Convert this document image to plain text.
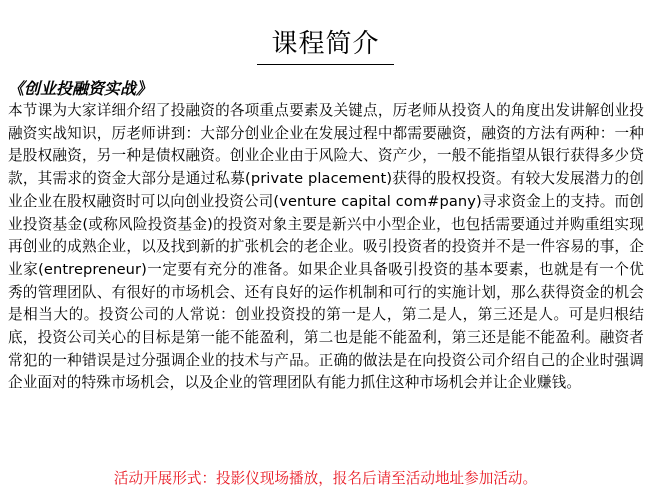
课程简介
《创业投融资实战》

本节课为大家详细介绍了投融资的各项重点要素及关键点，厉老师从投资人的角度出发讲解创业投融资实战知识，厉老师讲到：大部分创业企业在发展过程中都需要融资，融资的方法有两种：一种是股权融资，另一种是债权融资。创业企业由于风险大、资产少，一般不能指望从银行获得多少贷款，其需求的资金大部分是通过私募(private placement)获得的股权投资。有较大发展潜力的创业企业在股权融资时可以向创业投资公司(venture capital com#pany)寻求资金上的支持。而创业投资基金(或称风险投资基金)的投资对象主要是新兴中小型企业，也包括需要通过并购重组实现再创业的成熟企业，以及找到新的扩张机会的老企业。吸引投资者的投资并不是一件容易的事，企业家(entrepreneur)一定要有充分的准备。如果企业具备吸引投资的基本要素，也就是有一个优秀的管理团队、有很好的市场机会、还有良好的运作机制和可行的实施计划，那么获得资金的机会是相当大的。投资公司的人常说：创业投资投的第一是人，第二是人，第三还是人。可是归根结底，投资公司关心的目标是第一能不能盈利，第二也是能不能盈利，第三还是能不能盈利。融资者常犯的一种错误是过分强调企业的技术与产品。正确的做法是在向投资公司介绍自己的企业时强调企业面对的特殊市场机会，以及企业的管理团队有能力抓住这种市场机会并让企业赚钱。

活动开展形式：投影仪现场播放，报名后请至活动地址参加活动。
